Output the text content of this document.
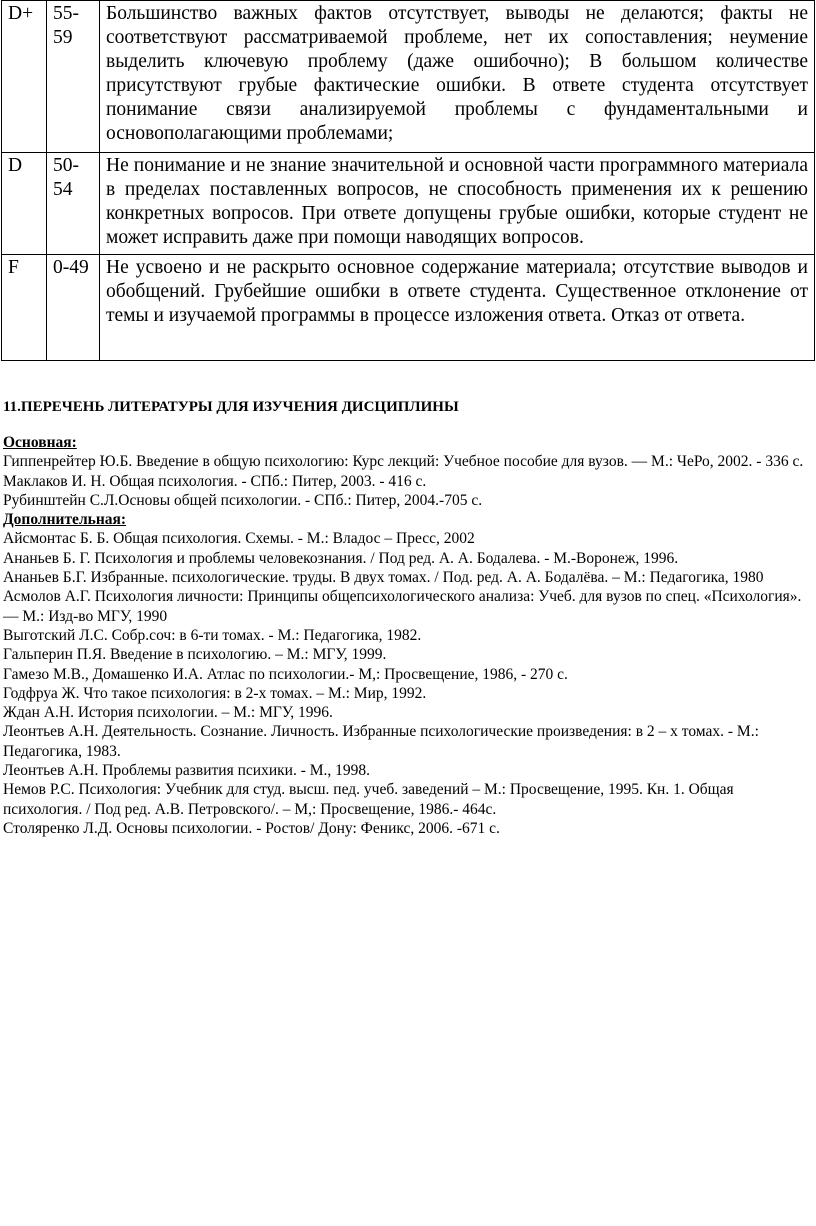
D+	55-59	Большинство важных фактов отсутствует, выводы не делаются; факты не соответствуют рассматриваемой проблеме, нет их сопоставления; неумение выделить ключевую проблему (даже ошибочно); В большом количестве присутствуют грубые фактические ошибки. В ответе студента отсутствует понимание связи анализируемой проблемы с фундаментальными и основополагающими проблемами;
D	50-54	Не понимание и не знание значительной и основной части программного материала в пределах поставленных вопросов, не способность применения их к решению конкретных вопросов. При ответе допущены грубые ошибки, которые студент не может исправить даже при помощи наводящих вопросов.
F	0-49	Не усвоено и не раскрыто основное содержание материала; отсутствие выводов и обобщений. Грубейшие ошибки в ответе студента. Существенное отклонение от темы и изучаемой программы в процессе изложения ответа. Отказ от ответа.
11.ПЕРЕЧЕНЬ ЛИТЕРАТУРЫ ДЛЯ ИЗУЧЕНИЯ ДИСЦИПЛИНЫ

Основная:

Гиппенрейтер Ю.Б. Введение в общую психологию: Курс лекций: Учебное пособие для вузов. — М.: ЧеРо, 2002. - 336 с.

Маклаков И. Н. Общая психология. - СПб.: Питер, 2003. - 416 с.

Рубинштейн С.Л.Основы общей психологии. - СПб.: Питер, 2004.-705 с.

Дополнительная:

Айсмонтас Б. Б. Общая психология. Схемы. - М.: Владос – Пресс, 2002

Ананьев Б. Г. Психология и проблемы человекознания. / Под ред. А. А. Бодалева. - М.-Воронеж, 1996.

Ананьев Б.Г. Избранные. психологические. труды. В двух томах. / Под. ред. А. А. Бодалёва. – М.: Педагогика, 1980

Асмолов А.Г. Психология личности: Принципы общепсихологического анализа: Учеб. для вузов по спец. «Психология». — М.: Изд-во МГУ, 1990

Выготский Л.С. Собр.соч: в 6-ти томах. - М.: Педагогика, 1982.

Гальперин П.Я. Введение в психологию. – М.: МГУ, 1999.

Гамезо М.В., Домашенко И.А. Атлас по психологии.- М,: Просвещение, 1986, - 270 с.

Годфруа Ж. Что такое психология: в 2-х томах. – М.: Мир, 1992.

Ждан А.Н. История психологии. – М.: МГУ, 1996.

Леонтьев А.Н. Деятельность. Сознание. Личность. Избранные психологические произведения: в 2 – х томах. - М.: Педагогика, 1983.

Леонтьев А.Н. Проблемы развития психики. - М., 1998.

Немов Р.С. Психология: Учебник для студ. высш. пед. учеб. заведений – М.: Просвещение, 1995. Кн. 1. Общая психология. / Под ред. А.В. Петровского/. – М,: Просвещение, 1986.- 464с.

Столяренко Л.Д. Основы психологии. - Ростов/ Дону: Феникс, 2006. -671 с.
